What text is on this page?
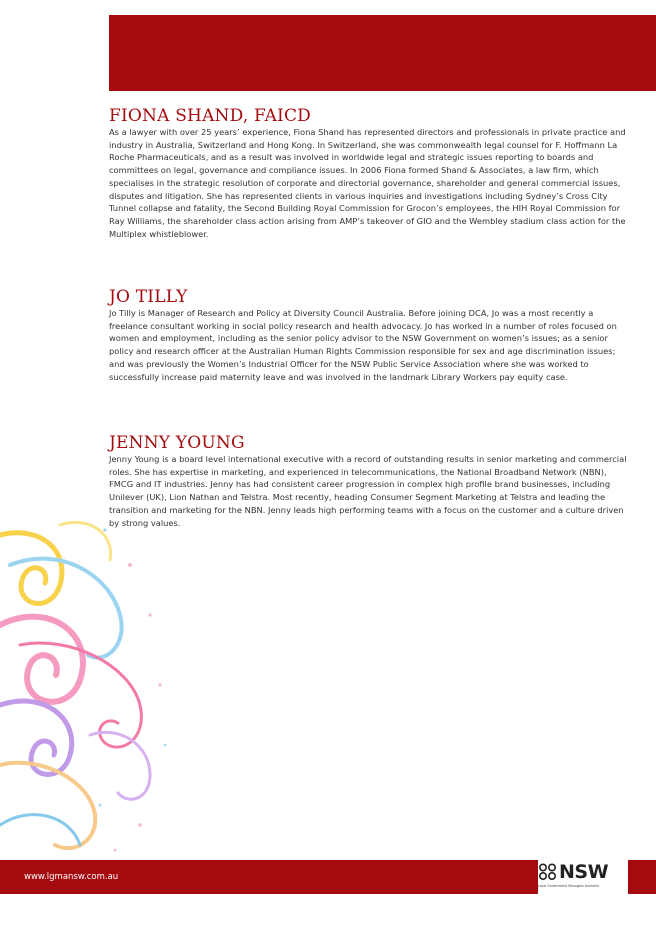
FIONA SHAND, FAICD

As a lawyer with over 25 years’ experience, Fiona Shand has represented directors and professionals in private practice and industry in Australia, Switzerland and Hong Kong. In Switzerland, she was commonwealth legal counsel for F. Hoffmann La Roche Pharmaceuticals, and as a result was involved in worldwide legal and strategic issues reporting to boards and committees on legal, governance and compliance issues. In 2006 Fiona formed Shand & Associates, a law firm, which specialises in the strategic resolution of corporate and directorial governance, shareholder and general commercial issues, disputes and litigation. She has represented clients in various inquiries and investigations including Sydney’s Cross City Tunnel collapse and fatality, the Second Building Royal Commission for Grocon’s employees, the HIH Royal Commission for Ray Williams, the shareholder class action arising from AMP’s takeover of GIO and the Wembley stadium class action for the Multiplex whistleblower.

JO TILLY

Jo Tilly is Manager of Research and Policy at Diversity Council Australia. Before joining DCA, Jo was a most recently a freelance consultant working in social policy research and health advocacy. Jo has worked in a number of roles focused on women and employment, including as the senior policy advisor to the NSW Government on women’s issues; as a senior policy and research officer at the Australian Human Rights Commission responsible for sex and age discrimination issues; and was previously the Women’s Industrial Officer for the NSW Public Service Association where she was worked to successfully increase paid maternity leave and was involved in the landmark Library Workers pay equity case.

JENNY YOUNG

Jenny Young is a board level international executive with a record of outstanding results in senior marketing and commercial roles. She has expertise in marketing, and experienced in telecommunications, the National Broadband Network (NBN), FMCG and IT industries. Jenny has had consistent career progression in complex high profile brand businesses, including Unilever (UK), Lion Nathan and Telstra. Most recently, heading Consumer Segment Marketing at Telstra and leading the transition and marketing for the NBN. Jenny leads high performing teams with a focus on the customer and a culture driven by strong values.

www.lgmansw.com.au	NSW
Local Government Managers Australia
